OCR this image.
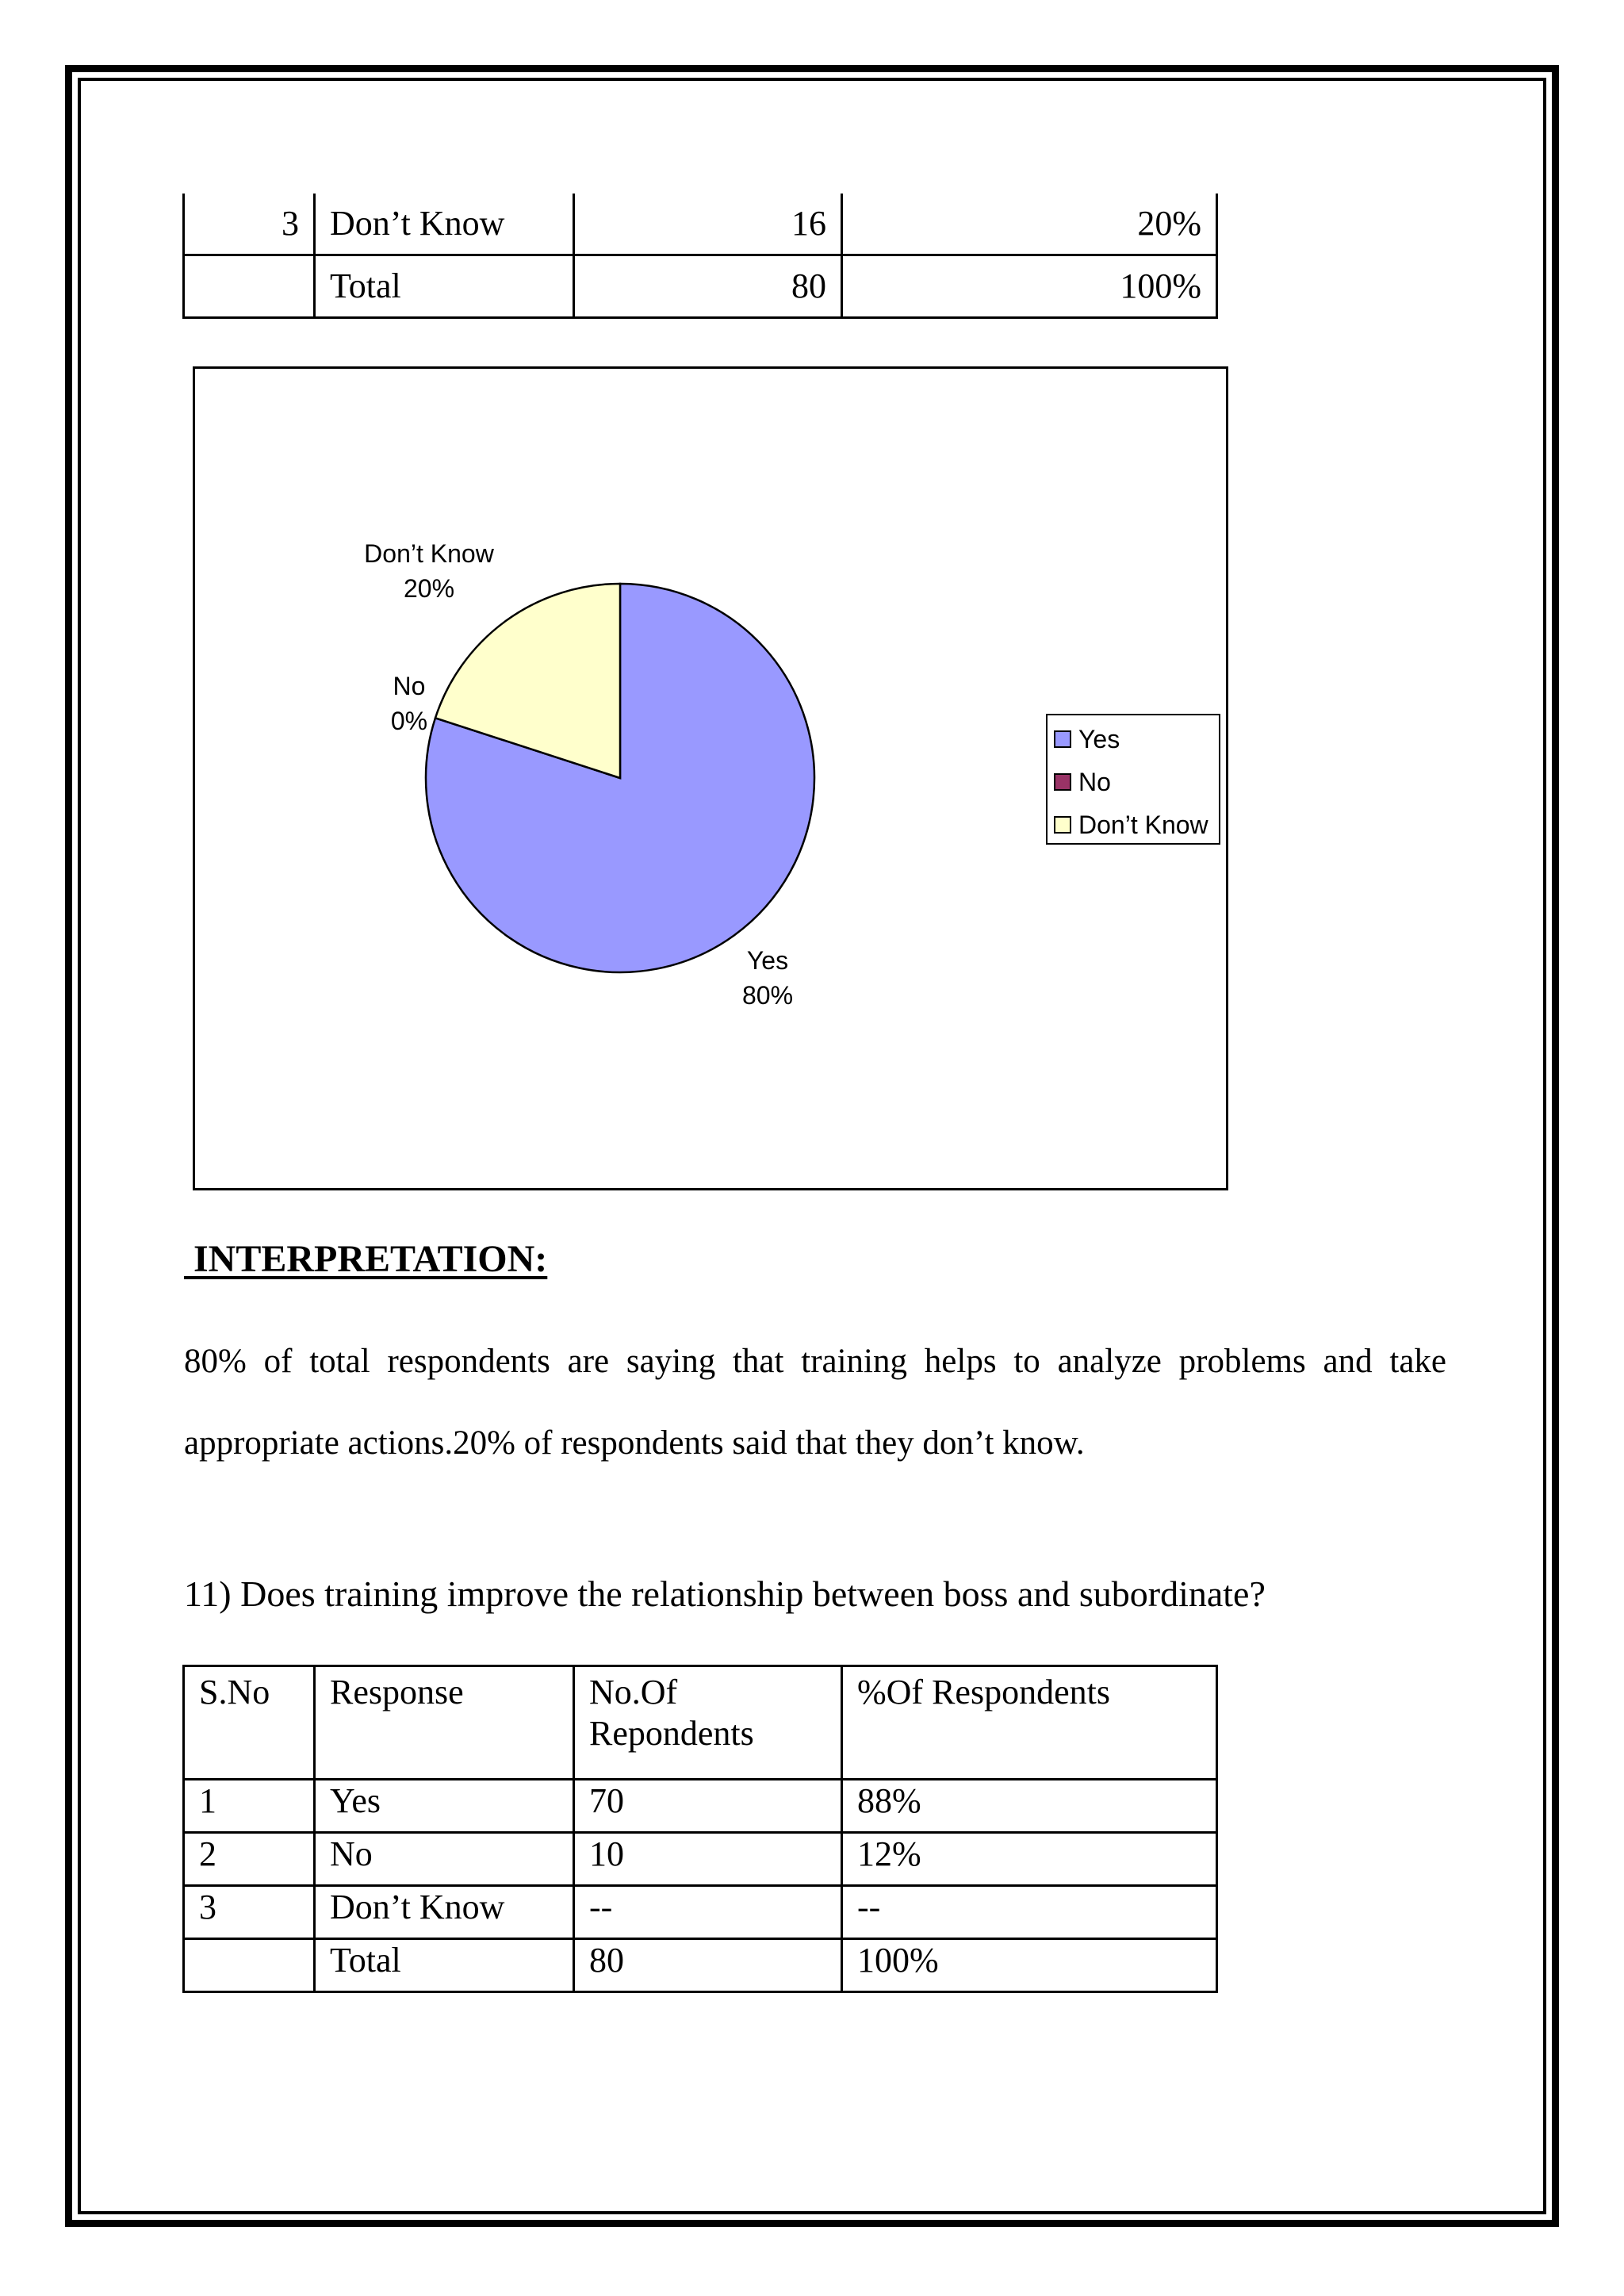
3	Don’t Know	16	20%
	Total	80	100%
Yes
80%
No
0%
Don’t Know
20%
Yes
No
Don’t Know
INTERPRETATION:
80% of total respondents are saying that training helps to analyze problems and take appropriate actions.20% of respondents said that they don’t know.
11) Does training improve the relationship between boss and subordinate?
S.No	Response	No.Of Repondents	%Of Respondents
1	Yes	70	88%
2	No	10	12%
3	Don’t Know	--	--
	Total	80	100%
